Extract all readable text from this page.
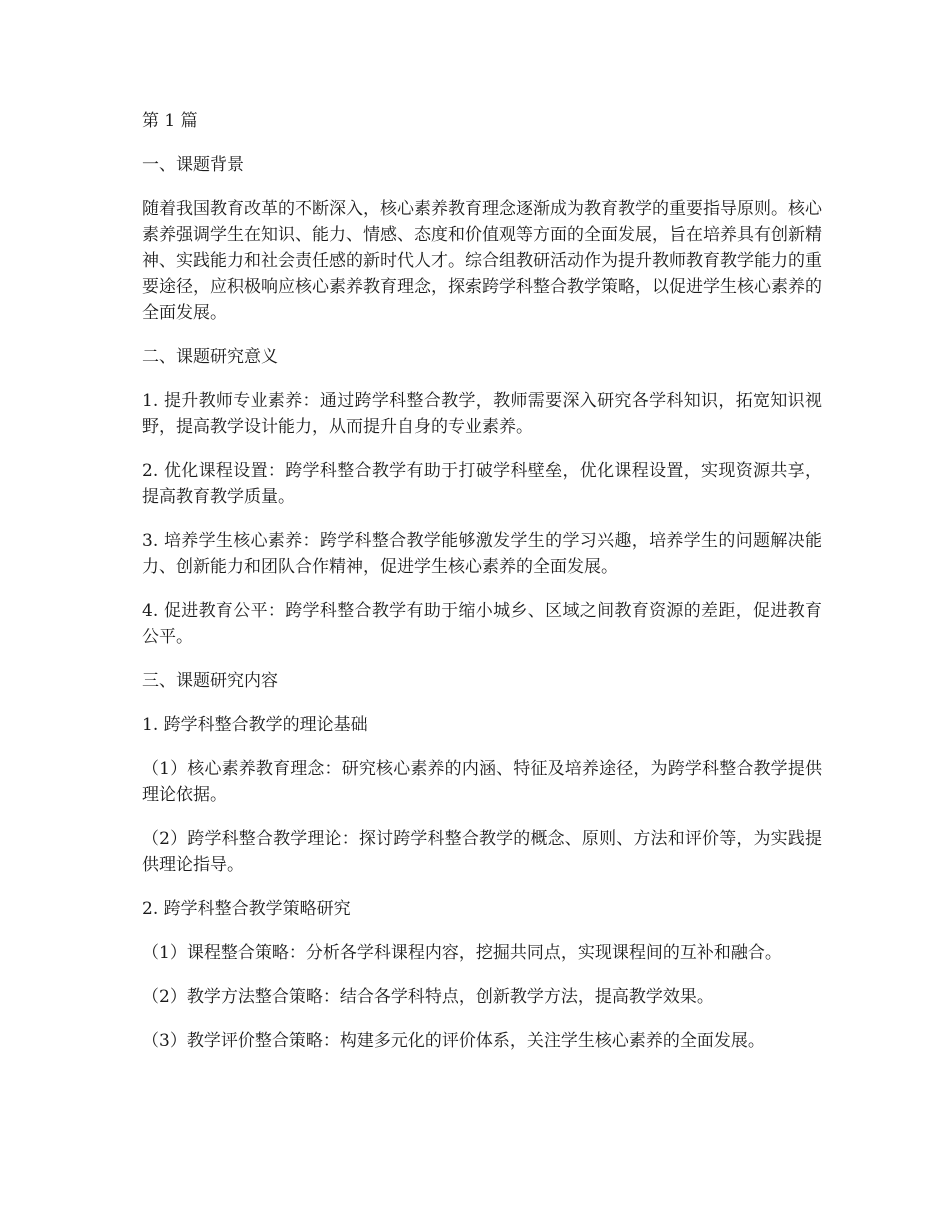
第 1 篇

一、课题背景

随着我国教育改革的不断深入，核心素养教育理念逐渐成为教育教学的重要指导原则。核心素养强调学生在知识、能力、情感、态度和价值观等方面的全面发展，旨在培养具有创新精神、实践能力和社会责任感的新时代人才。综合组教研活动作为提升教师教育教学能力的重要途径，应积极响应核心素养教育理念，探索跨学科整合教学策略，以促进学生核心素养的全面发展。

二、课题研究意义

1. 提升教师专业素养：通过跨学科整合教学，教师需要深入研究各学科知识，拓宽知识视野，提高教学设计能力，从而提升自身的专业素养。

2. 优化课程设置：跨学科整合教学有助于打破学科壁垒，优化课程设置，实现资源共享，提高教育教学质量。

3. 培养学生核心素养：跨学科整合教学能够激发学生的学习兴趣，培养学生的问题解决能力、创新能力和团队合作精神，促进学生核心素养的全面发展。

4. 促进教育公平：跨学科整合教学有助于缩小城乡、区域之间教育资源的差距，促进教育公平。

三、课题研究内容

1. 跨学科整合教学的理论基础

（1）核心素养教育理念：研究核心素养的内涵、特征及培养途径，为跨学科整合教学提供理论依据。

（2）跨学科整合教学理论：探讨跨学科整合教学的概念、原则、方法和评价等，为实践提供理论指导。

2. 跨学科整合教学策略研究

（1）课程整合策略：分析各学科课程内容，挖掘共同点，实现课程间的互补和融合。

（2）教学方法整合策略：结合各学科特点，创新教学方法，提高教学效果。

（3）教学评价整合策略：构建多元化的评价体系，关注学生核心素养的全面发展。
